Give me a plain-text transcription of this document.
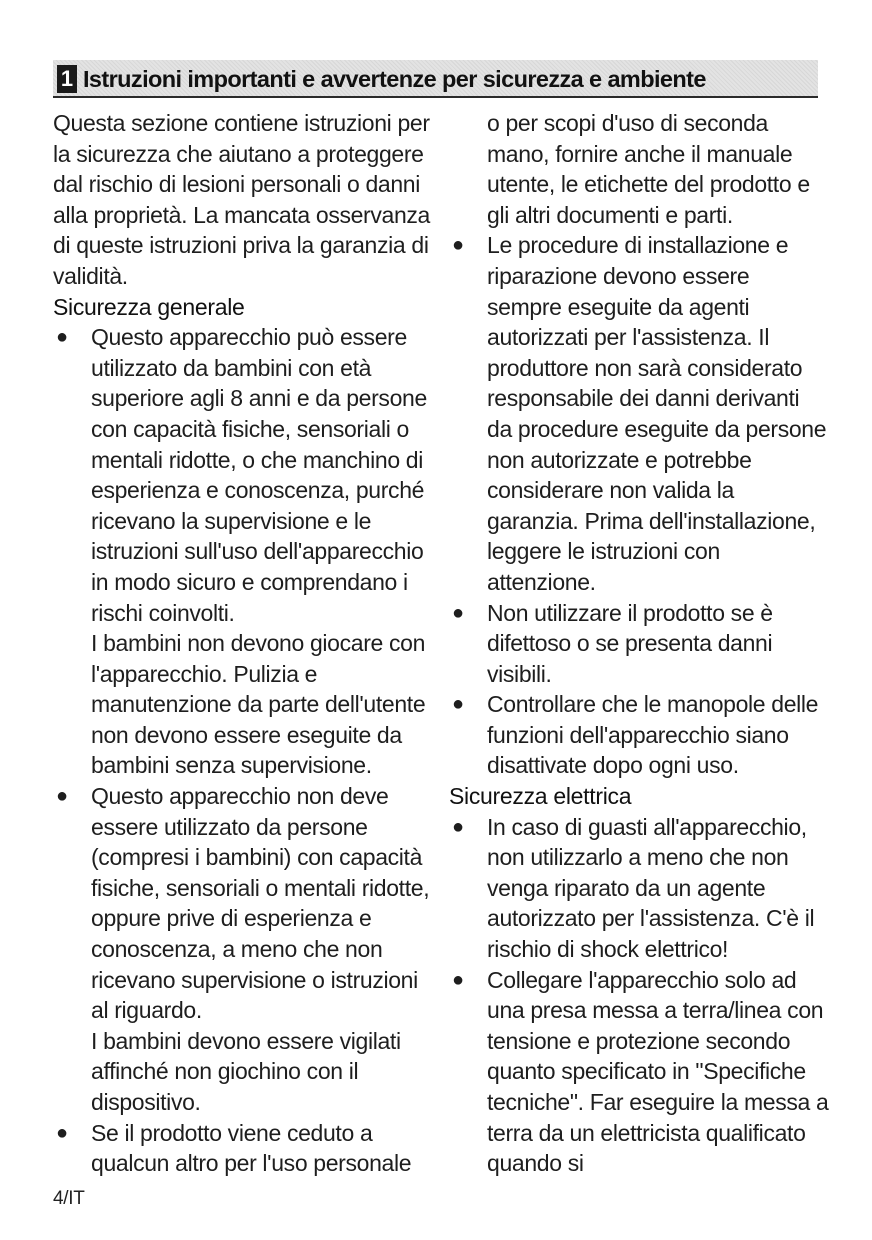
1 Istruzioni importanti e avvertenze per sicurezza e ambiente

Questa sezione contiene istruzioni per la sicurezza che aiutano a proteggere dal rischio di lesioni personali o danni alla proprietà. La mancata osservanza di queste istruzioni priva la garanzia di validità.

Sicurezza generale

● Questo apparecchio può essere utilizzato da bambini con età superiore agli 8 anni e da persone con capacità fisiche, sensoriali o mentali ridotte, o che manchino di esperienza e conoscenza, purché ricevano la supervisione e le istruzioni sull'uso dell'apparecchio in modo sicuro e comprendano i rischi coinvolti.
I bambini non devono giocare con l'apparecchio. Pulizia e manutenzione da parte dell'utente non devono essere eseguite da bambini senza supervisione.
● Questo apparecchio non deve essere utilizzato da persone (compresi i bambini) con capacità fisiche, sensoriali o mentali ridotte, oppure prive di esperienza e conoscenza, a meno che non ricevano supervisione o istruzioni al riguardo.
I bambini devono essere vigilati affinché non giochino con il dispositivo.
● Se il prodotto viene ceduto a qualcun altro per l'uso personale

o per scopi d'uso di seconda mano, fornire anche il manuale utente, le etichette del prodotto e gli altri documenti e parti.

● Le procedure di installazione e riparazione devono essere sempre eseguite da agenti autorizzati per l'assistenza. Il produttore non sarà considerato responsabile dei danni derivanti da procedure eseguite da persone non autorizzate e potrebbe considerare non valida la garanzia. Prima dell'installazione, leggere le istruzioni con attenzione.
● Non utilizzare il prodotto se è difettoso o se presenta danni visibili.
● Controllare che le manopole delle funzioni dell'apparecchio siano disattivate dopo ogni uso.

Sicurezza elettrica

● In caso di guasti all'apparecchio, non utilizzarlo a meno che non venga riparato da un agente autorizzato per l'assistenza. C'è il rischio di shock elettrico!
● Collegare l'apparecchio solo ad una presa messa a terra/linea con tensione e protezione secondo quanto specificato in "Specifiche tecniche". Far eseguire la messa a terra da un elettricista qualificato quando si
4/IT
